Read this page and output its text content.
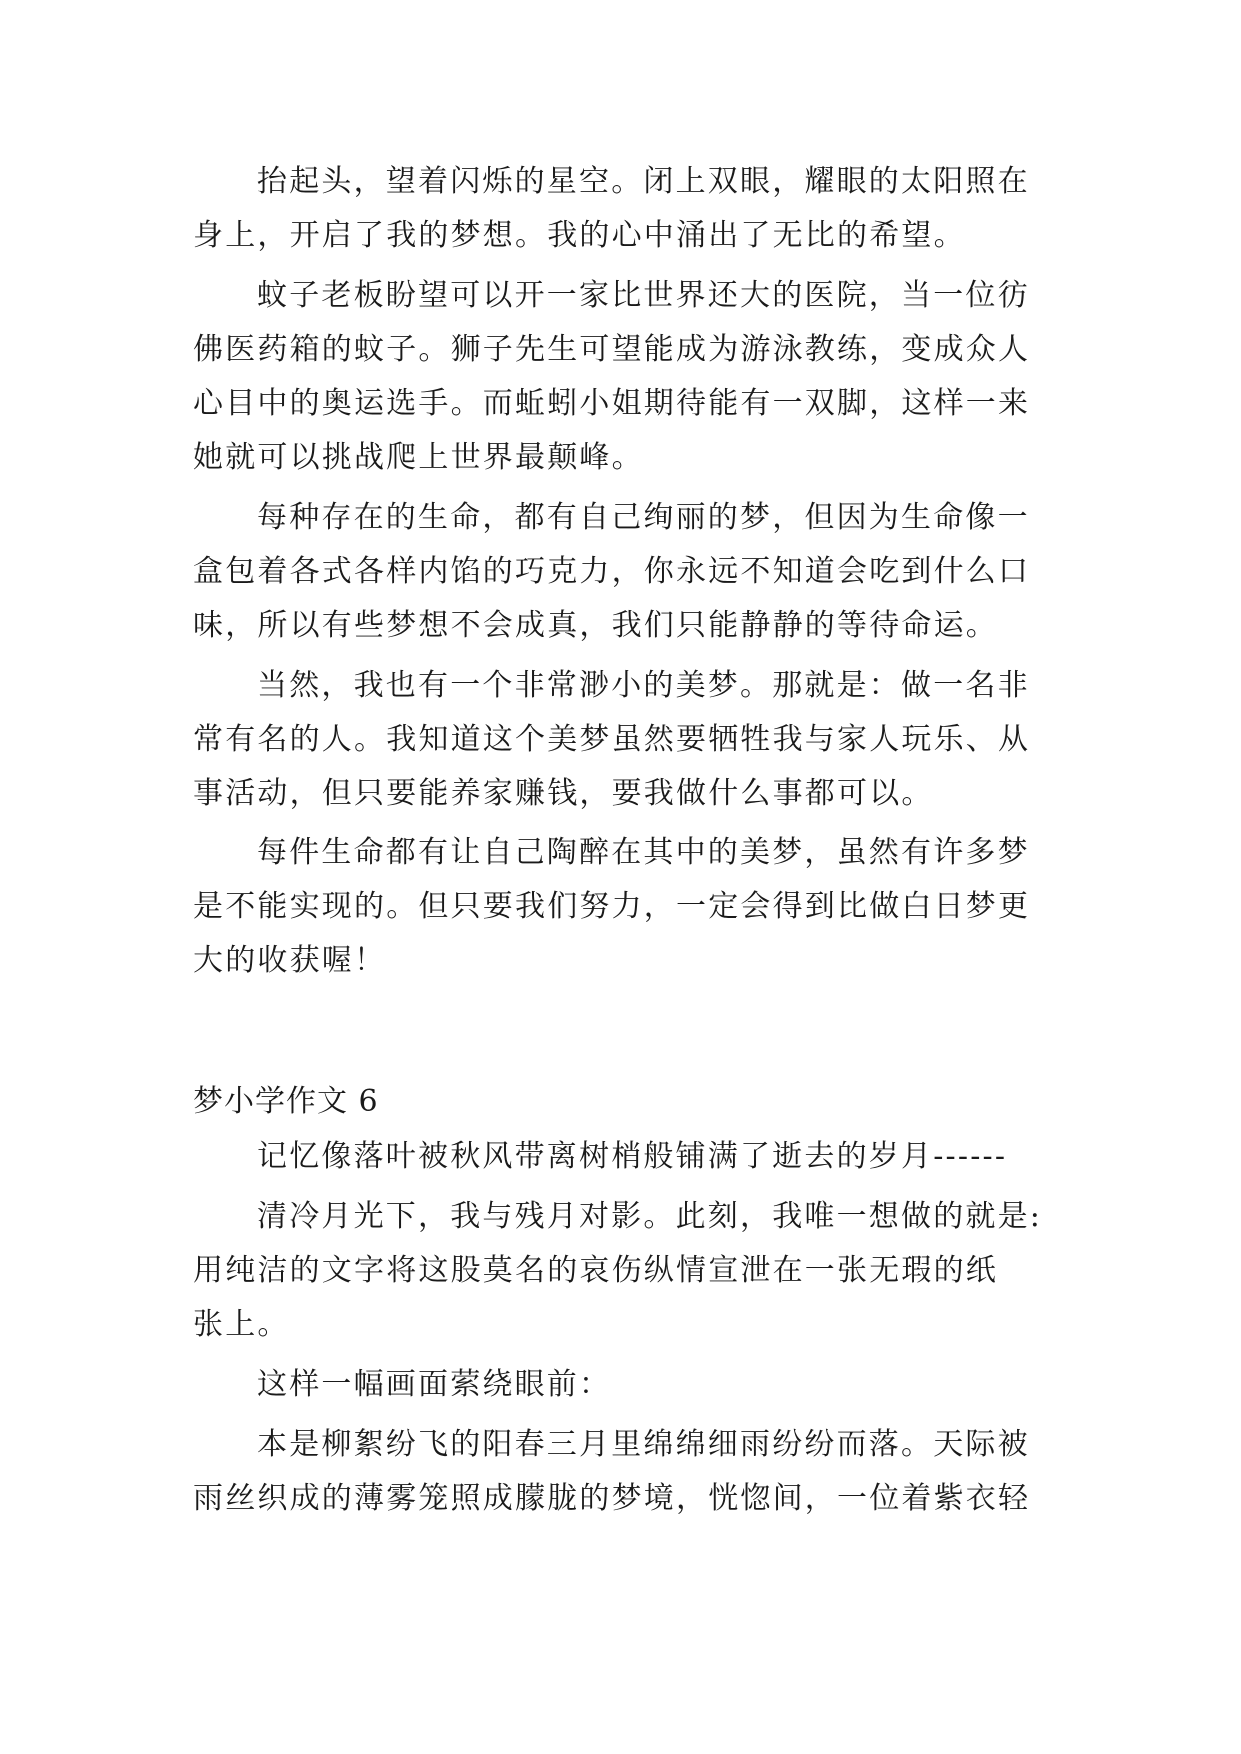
抬起头，望着闪烁的星空。闭上双眼，耀眼的太阳照在
身上，开启了我的梦想。我的心中涌出了无比的希望。
蚊子老板盼望可以开一家比世界还大的医院，当一位彷
佛医药箱的蚊子。狮子先生可望能成为游泳教练，变成众人
心目中的奥运选手。而蚯蚓小姐期待能有一双脚，这样一来
她就可以挑战爬上世界最颠峰。
每种存在的生命，都有自己绚丽的梦，但因为生命像一
盒包着各式各样内馅的巧克力，你永远不知道会吃到什么口
味，所以有些梦想不会成真，我们只能静静的等待命运。
当然，我也有一个非常渺小的美梦。那就是：做一名非
常有名的人。我知道这个美梦虽然要牺牲我与家人玩乐、从
事活动，但只要能养家赚钱，要我做什么事都可以。
每件生命都有让自己陶醉在其中的美梦，虽然有许多梦
是不能实现的。但只要我们努力，一定会得到比做白日梦更
大的收获喔！
梦小学作文 6
记忆像落叶被秋风带离树梢般铺满了逝去的岁月------
清冷月光下，我与残月对影。此刻，我唯一想做的就是:
用纯洁的文字将这股莫名的哀伤纵情宣泄在一张无瑕的纸
张上。
这样一幅画面萦绕眼前：
本是柳絮纷飞的阳春三月里绵绵细雨纷纷而落。天际被
雨丝织成的薄雾笼照成朦胧的梦境，恍惚间，一位着紫衣轻
